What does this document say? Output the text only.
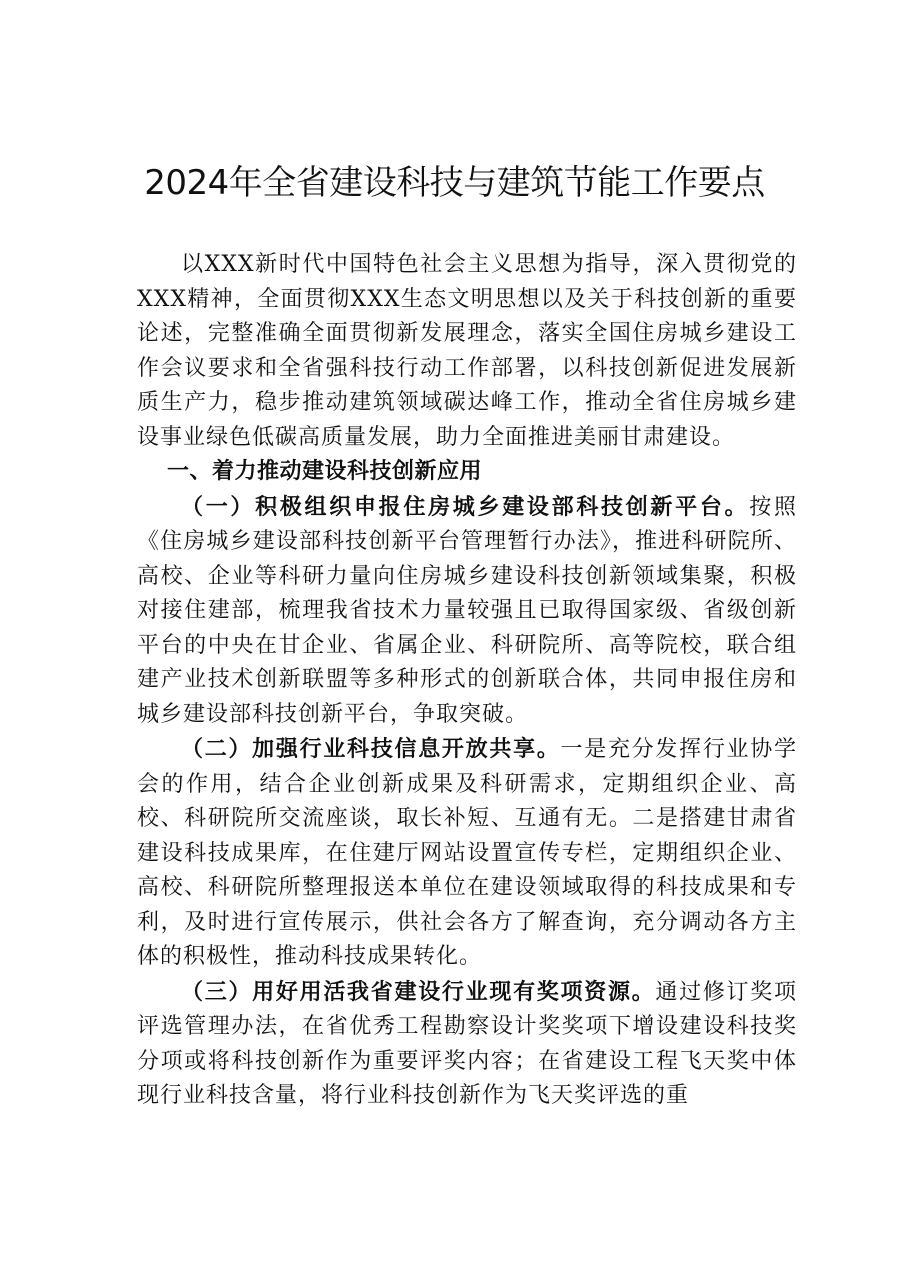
2024年全省建设科技与建筑节能工作要点

以XXX新时代中国特色社会主义思想为指导，深入贯彻党的XXX精神，全面贯彻XXX生态文明思想以及关于科技创新的重要论述，完整准确全面贯彻新发展理念，落实全国住房城乡建设工作会议要求和全省强科技行动工作部署，以科技创新促进发展新质生产力，稳步推动建筑领域碳达峰工作，推动全省住房城乡建设事业绿色低碳高质量发展，助力全面推进美丽甘肃建设。

一、着力推动建设科技创新应用

（一）积极组织申报住房城乡建设部科技创新平台。按照《住房城乡建设部科技创新平台管理暂行办法》，推进科研院所、高校、企业等科研力量向住房城乡建设科技创新领域集聚，积极对接住建部，梳理我省技术力量较强且已取得国家级、省级创新平台的中央在甘企业、省属企业、科研院所、高等院校，联合组建产业技术创新联盟等多种形式的创新联合体，共同申报住房和城乡建设部科技创新平台，争取突破。

（二）加强行业科技信息开放共享。一是充分发挥行业协学会的作用，结合企业创新成果及科研需求，定期组织企业、高校、科研院所交流座谈，取长补短、互通有无。二是搭建甘肃省建设科技成果库，在住建厅网站设置宣传专栏，定期组织企业、高校、科研院所整理报送本单位在建设领域取得的科技成果和专利，及时进行宣传展示，供社会各方了解查询，充分调动各方主体的积极性，推动科技成果转化。

（三）用好用活我省建设行业现有奖项资源。通过修订奖项评选管理办法，在省优秀工程勘察设计奖奖项下增设建设科技奖分项或将科技创新作为重要评奖内容；在省建设工程飞天奖中体现行业科技含量，将行业科技创新作为飞天奖评选的重
